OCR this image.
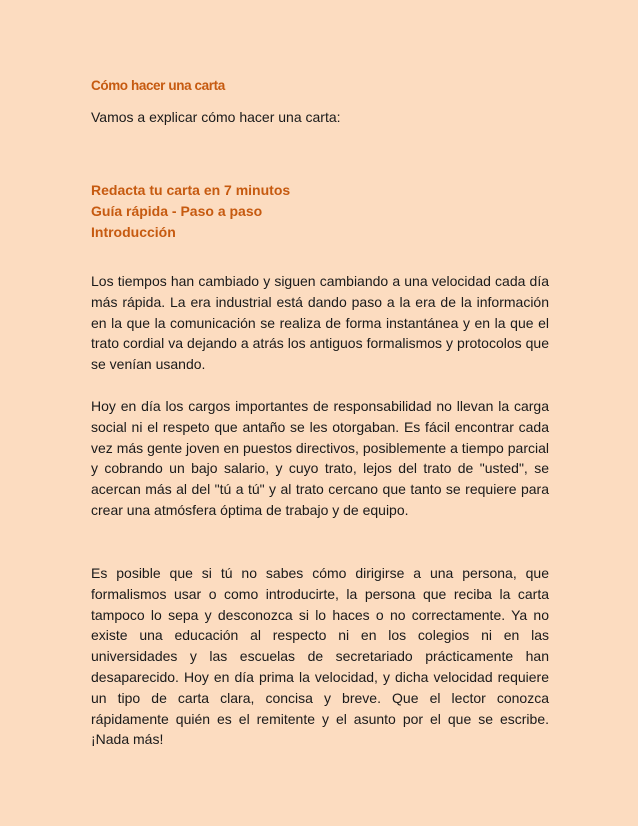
Cómo hacer una carta
Vamos a explicar cómo hacer una carta:
Redacta tu carta en 7 minutos
Guía rápida - Paso a paso
Introducción

Los tiempos han cambiado y siguen cambiando a una velocidad cada día más rápida. La era industrial está dando paso a la era de la información en la que la comunicación se realiza de forma instantánea y en la que el trato cordial va dejando a atrás los antiguos formalismos y protocolos que se venían usando.

Hoy en día los cargos importantes de responsabilidad no llevan la carga social ni el respeto que antaño se les otorgaban. Es fácil encontrar cada vez más gente joven en puestos directivos, posiblemente a tiempo parcial y cobrando un bajo salario, y cuyo trato, lejos del trato de "usted", se acercan más al del "tú a tú" y al trato cercano que tanto se requiere para crear una atmósfera óptima de trabajo y de equipo.

Es posible que si tú no sabes cómo dirigirse a una persona, que formalismos usar o como introducirte, la persona que reciba la carta tampoco lo sepa y desconozca si lo haces o no correctamente. Ya no existe una educación al respecto ni en los colegios ni en las universidades y las escuelas de secretariado prácticamente han desaparecido. Hoy en día prima la velocidad, y dicha velocidad requiere un tipo de carta clara, concisa y breve. Que el lector conozca rápidamente quién es el remitente y el asunto por el que se escribe. ¡Nada más!
